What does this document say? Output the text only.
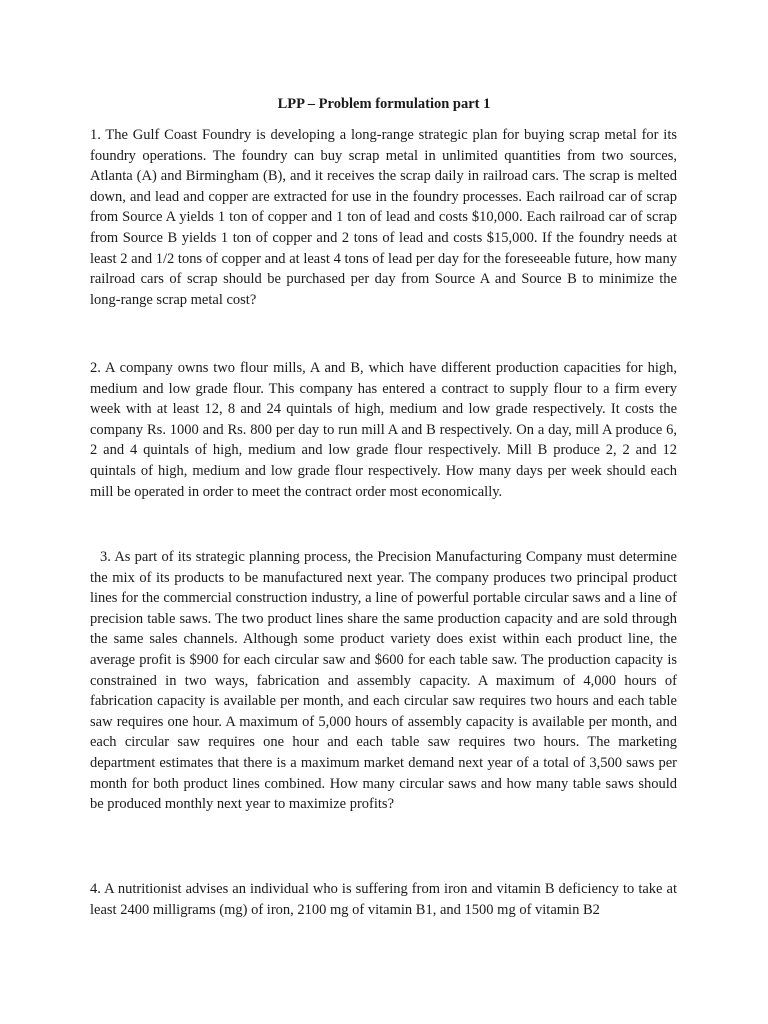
LPP – Problem formulation part 1

1. The Gulf Coast Foundry is developing a long-range strategic plan for buying scrap metal for its foundry operations. The foundry can buy scrap metal in unlimited quantities from two sources, Atlanta (A) and Birmingham (B), and it receives the scrap daily in railroad cars. The scrap is melted down, and lead and copper are extracted for use in the foundry processes. Each railroad car of scrap from Source A yields 1 ton of copper and 1 ton of lead and costs $10,000. Each railroad car of scrap from Source B yields 1 ton of copper and 2 tons of lead and costs $15,000. If the foundry needs at least 2 and 1/2 tons of copper and at least 4 tons of lead per day for the foreseeable future, how many railroad cars of scrap should be purchased per day from Source A and Source B to minimize the long-range scrap metal cost?

2. A company owns two flour mills, A and B, which have different production capacities for high, medium and low grade flour. This company has entered a contract to supply flour to a firm every week with at least 12, 8 and 24 quintals of high, medium and low grade respectively. It costs the company Rs. 1000 and Rs. 800 per day to run mill A and B respectively. On a day, mill A produce 6, 2 and 4 quintals of high, medium and low grade flour respectively. Mill B produce 2, 2 and 12 quintals of high, medium and low grade flour respectively. How many days per week should each mill be operated in order to meet the contract order most economically.

3. As part of its strategic planning process, the Precision Manufacturing Company must determine the mix of its products to be manufactured next year. The company produces two principal product lines for the commercial construction industry, a line of powerful portable circular saws and a line of precision table saws. The two product lines share the same production capacity and are sold through the same sales channels. Although some product variety does exist within each product line, the average profit is $900 for each circular saw and $600 for each table saw. The production capacity is constrained in two ways, fabrication and assembly capacity. A maximum of 4,000 hours of fabrication capacity is available per month, and each circular saw requires two hours and each table saw requires one hour. A maximum of 5,000 hours of assembly capacity is available per month, and each circular saw requires one hour and each table saw requires two hours. The marketing department estimates that there is a maximum market demand next year of a total of 3,500 saws per month for both product lines combined. How many circular saws and how many table saws should be produced monthly next year to maximize profits?

4. A nutritionist advises an individual who is suffering from iron and vitamin B deficiency to take at least 2400 milligrams (mg) of iron, 2100 mg of vitamin B1, and 1500 mg of vitamin B2
